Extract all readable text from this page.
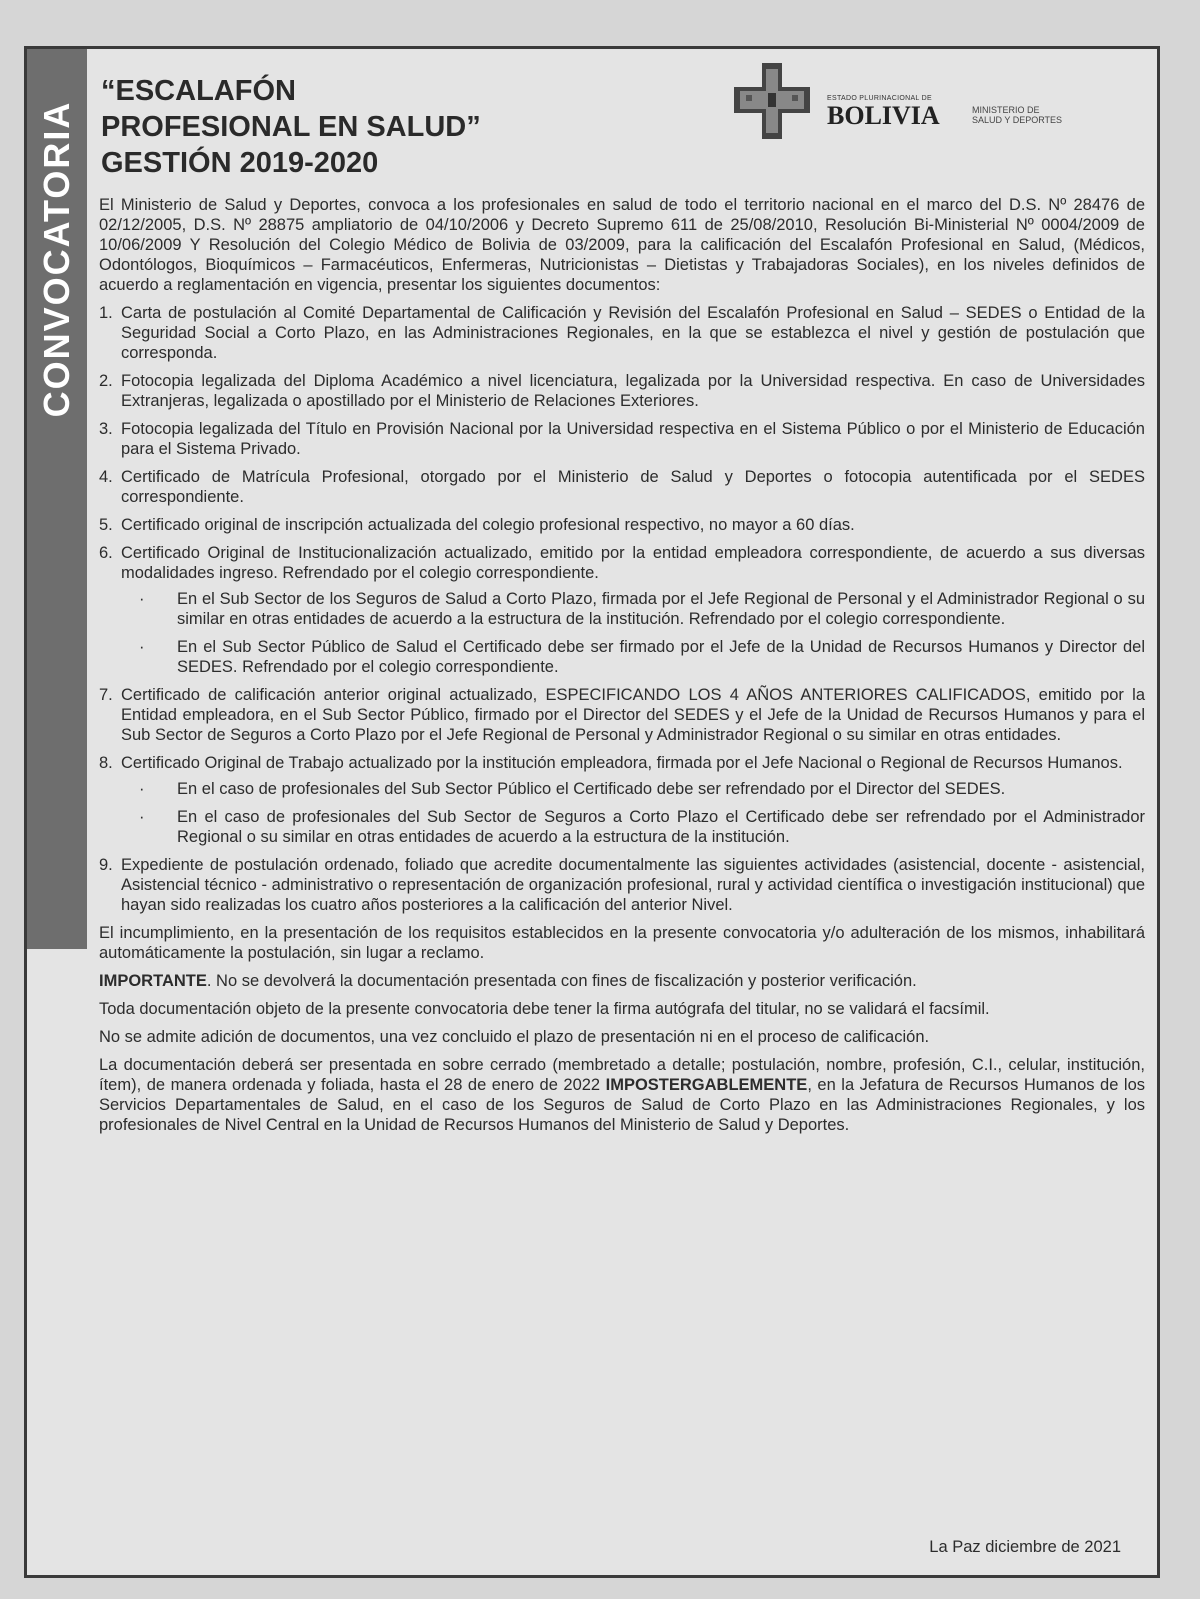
CONVOCATORIA
“ESCALAFÓN
PROFESIONAL EN SALUD”
GESTIÓN 2019-2020
ESTADO PLURINACIONAL DE
BOLIVIA	MINISTERIO DE
SALUD Y DEPORTES

El Ministerio de Salud y Deportes, convoca a los profesionales en salud de todo el territorio nacional en el marco del D.S. Nº 28476 de 02/12/2005, D.S. Nº 28875 ampliatorio de 04/10/2006 y Decreto Supremo 611 de 25/08/2010, Resolución Bi-Ministerial Nº 0004/2009 de 10/06/2009 Y Resolución del Colegio Médico de Bolivia de 03/2009, para la calificación del Escalafón Profesional en Salud, (Médicos, Odontólogos, Bioquímicos – Farmacéuticos, Enfermeras, Nutricionistas – Dietistas y Trabajadoras Sociales), en los niveles definidos de acuerdo a reglamentación en vigencia, presentar los siguientes documentos:

1. Carta de postulación al Comité Departamental de Calificación y Revisión del Escalafón Profesional en Salud – SEDES o Entidad de la Seguridad Social a Corto Plazo, en las Administraciones Regionales, en la que se establezca el nivel y gestión de postulación que corresponda.
2. Fotocopia legalizada del Diploma Académico a nivel licenciatura, legalizada por la Universidad respectiva. En caso de Universidades Extranjeras, legalizada o apostillado por el Ministerio de Relaciones Exteriores.
3. Fotocopia legalizada del Título en Provisión Nacional por la Universidad respectiva en el Sistema Público o por el Ministerio de Educación para el Sistema Privado.
4. Certificado de Matrícula Profesional, otorgado por el Ministerio de Salud y Deportes o fotocopia autentificada por el SEDES correspondiente.
5. Certificado original de inscripción actualizada del colegio profesional respectivo, no mayor a 60 días.
6. Certificado Original de Institucionalización actualizado, emitido por la entidad empleadora correspondiente, de acuerdo a sus diversas modalidades ingreso. Refrendado por el colegio correspondiente.
· En el Sub Sector de los Seguros de Salud a Corto Plazo, firmada por el Jefe Regional de Personal y el Administrador Regional o su similar en otras entidades de acuerdo a la estructura de la institución. Refrendado por el colegio correspondiente.
· En el Sub Sector Público de Salud el Certificado debe ser firmado por el Jefe de la Unidad de Recursos Humanos y Director del SEDES. Refrendado por el colegio correspondiente.
7. Certificado de calificación anterior original actualizado, ESPECIFICANDO LOS 4 AÑOS ANTERIORES CALIFICADOS, emitido por la Entidad empleadora, en el Sub Sector Público, firmado por el Director del SEDES y el Jefe de la Unidad de Recursos Humanos y para el Sub Sector de Seguros a Corto Plazo por el Jefe Regional de Personal y Administrador Regional o su similar en otras entidades.
8. Certificado Original de Trabajo actualizado por la institución empleadora, firmada por el Jefe Nacional o Regional de Recursos Humanos.
· En el caso de profesionales del Sub Sector Público el Certificado debe ser refrendado por el Director del SEDES.
· En el caso de profesionales del Sub Sector de Seguros a Corto Plazo el Certificado debe ser refrendado por el Administrador Regional o su similar en otras entidades de acuerdo a la estructura de la institución.
9. Expediente de postulación ordenado, foliado que acredite documentalmente las siguientes actividades (asistencial, docente - asistencial, Asistencial técnico - administrativo o representación de organización profesional, rural y actividad científica o investigación institucional) que hayan sido realizadas los cuatro años posteriores a la calificación del anterior Nivel.

El incumplimiento, en la presentación de los requisitos establecidos en la presente convocatoria y/o adulteración de los mismos, inhabilitará automáticamente la postulación, sin lugar a reclamo.

IMPORTANTE. No se devolverá la documentación presentada con fines de fiscalización y posterior verificación.

Toda documentación objeto de la presente convocatoria debe tener la firma autógrafa del titular, no se validará el facsímil.

No se admite adición de documentos, una vez concluido el plazo de presentación ni en el proceso de calificación.

La documentación deberá ser presentada en sobre cerrado (membretado a detalle; postulación, nombre, profesión, C.I., celular, institución, ítem), de manera ordenada y foliada, hasta el 28 de enero de 2022 IMPOSTERGABLEMENTE, en la Jefatura de Recursos Humanos de los Servicios Departamentales de Salud, en el caso de los Seguros de Salud de Corto Plazo en las Administraciones Regionales, y los profesionales de Nivel Central en la Unidad de Recursos Humanos del Ministerio de Salud y Deportes.

La Paz diciembre de 2021
